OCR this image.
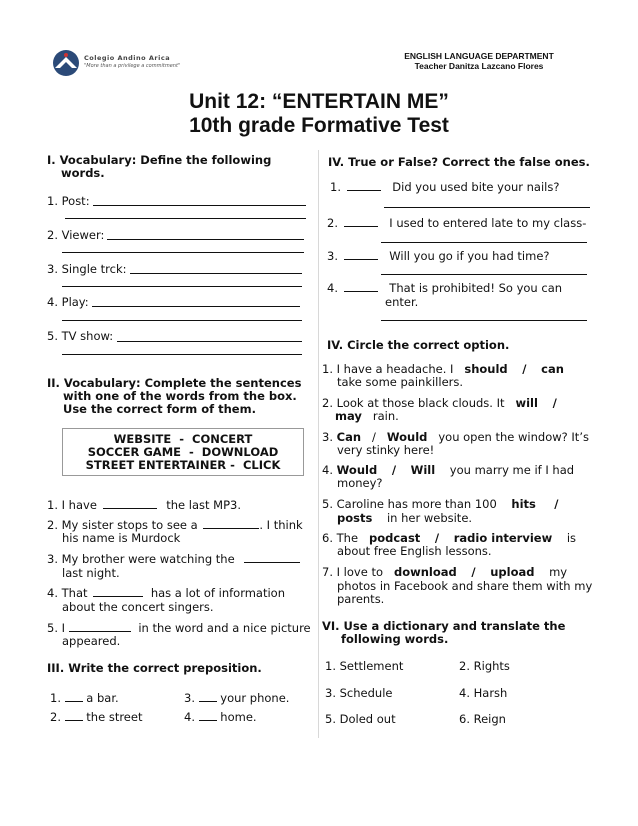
Colegio Andino Arica
"More than a privilege a commitment"
ENGLISH LANGUAGE DEPARTMENT
Teacher Danitza Lazcano Flores
Unit 12: “ENTERTAIN ME”
10th grade Formative Test
I. Vocabulary: Define the following
words.
1. Post:
2. Viewer:
3. Single trck:
4. Play:
5. TV show:
II. Vocabulary: Complete the sentences
with one of the words from the box.
Use the correct form of them.
WEBSITE  -  CONCERT
SOCCER GAME  -  DOWNLOAD
STREET ENTERTAINER -  CLICK
1. I have	the last MP3.
2. My sister stops to see a	. I think
his name is Murdock
3. My brother were watching the
last night.
4. That	has a lot of information
about the concert singers.
5. I	in the word and a nice picture
appeared.
III. Write the correct preposition.
1. a bar.
2. the street
3. your phone.
4. home.
IV. True or False? Correct the false ones.
1.	Did you used bite your nails?
2.	I used to entered late to my class-
3.	Will you go if you had time?
4.	That is prohibited! So you can
enter.
IV. Circle the correct option.
1. I have a headache. I should / can
take some painkillers.
2. Look at those black clouds. It will /
may rain.
3. Can / Would you open the window? It’s
very stinky here!
4. Would / Will you marry me if I had
money?
5. Caroline has more than 100 hits /
posts in her website.
6. The podcast / radio interview is
about free English lessons.
7. I love to download / upload my
photos in Facebook and share them with my
parents.
VI. Use a dictionary and translate the
following words.
1. Settlement	2. Rights
3. Schedule	4. Harsh
5. Doled out	6. Reign
